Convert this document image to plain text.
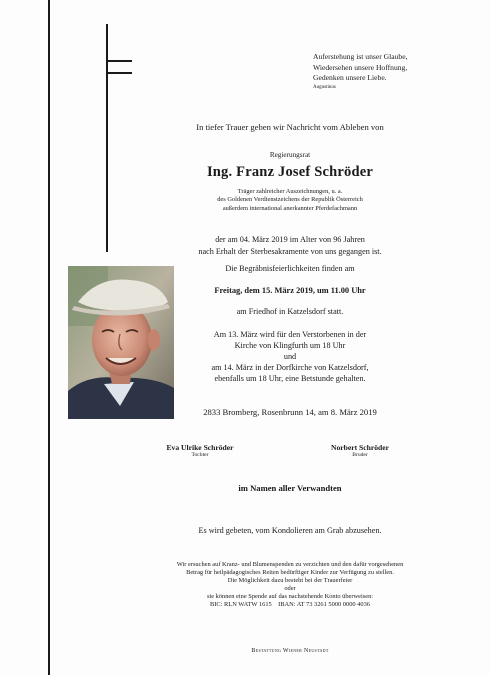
Auferstehung ist unser Glaube,
Wiedersehen unsere Hoffnung,
Gedenken unsere Liebe.
Augustinus
In tiefer Trauer geben wir Nachricht vom Ableben von
Regierungsrat
Ing. Franz Josef Schröder
Träger zahlreicher Auszeichnungen, u. a.
des Goldenen Verdienstzeichens der Republik Österreich
außerdem international anerkannter Pferdefachmann
der am 04. März 2019 im Alter von 96 Jahren
nach Erhalt der Sterbesakramente von uns gegangen ist.
Die Begräbnisfeierlichkeiten finden am
Freitag, dem 15. März 2019, um 11.00 Uhr
am Friedhof in Katzelsdorf statt.
Am 13. März wird für den Verstorbenen in der
Kirche von Klingfurth um 18 Uhr
und
am 14. März in der Dorfkirche von Katzelsdorf,
ebenfalls um 18 Uhr, eine Betstunde gehalten.
2833 Bromberg, Rosenbrunn 14, am 8. März 2019
Eva Ulrike Schröder
Tochter
Norbert Schröder
Bruder
im Namen aller Verwandten
Es wird gebeten, vom Kondolieren am Grab abzusehen.
Wir ersuchen auf Kranz- und Blumenspenden zu verzichten und den dafür vorgesehenen
Betrag für heilpädagogisches Reiten bedürftiger Kinder zur Verfügung zu stellen.
Die Möglichkeit dazu besteht bei der Trauerfeier
oder
sie können eine Spende auf das nachstehende Konto überweisen:
BIC: RLN WATW 1615    IBAN: AT 73 3261 5000 0000 4036
Bestattung Wiener Neustadt
